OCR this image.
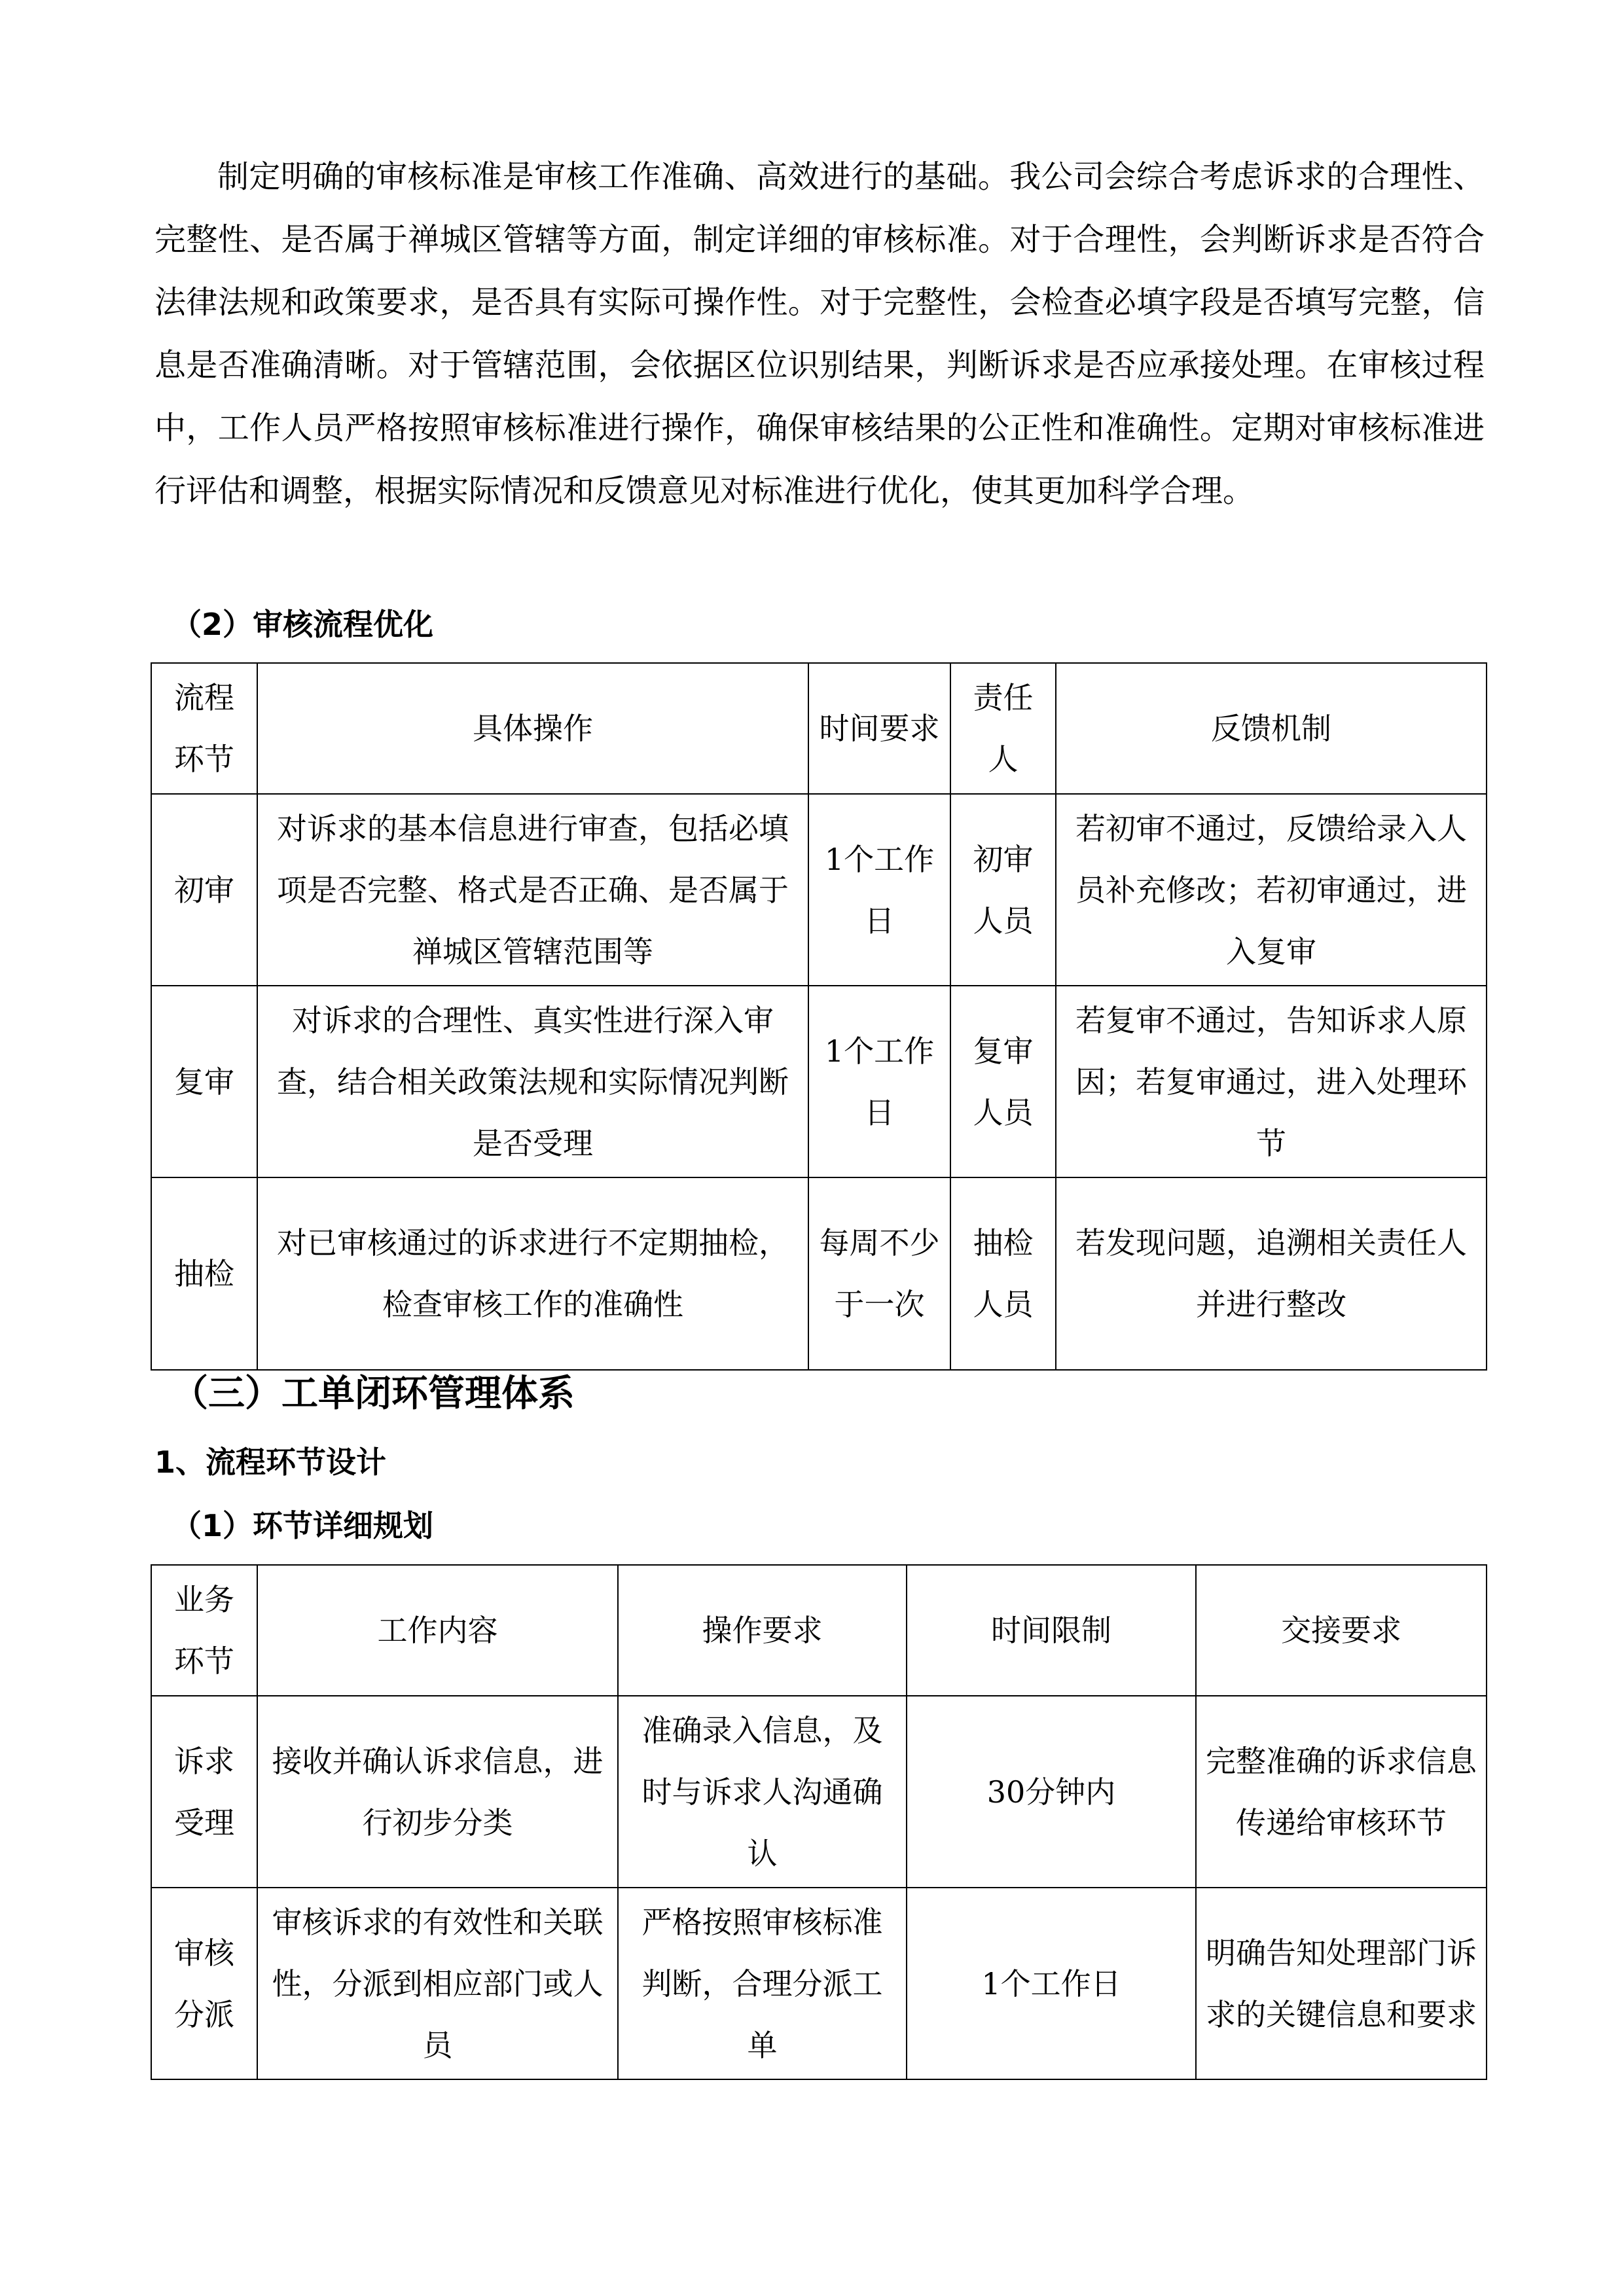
制定明确的审核标准是审核工作准确、高效进行的基础。我公司会综合考虑诉求的合理性、完整性、是否属于禅城区管辖等方面，制定详细的审核标准。对于合理性，会判断诉求是否符合法律法规和政策要求，是否具有实际可操作性。对于完整性，会检查必填字段是否填写完整，信息是否准确清晰。对于管辖范围，会依据区位识别结果，判断诉求是否应承接处理。在审核过程中，工作人员严格按照审核标准进行操作，确保审核结果的公正性和准确性。定期对审核标准进行评估和调整，根据实际情况和反馈意见对标准进行优化，使其更加科学合理。

（2）审核流程优化
流程环节	具体操作	时间要求	责任人	反馈机制
初审	对诉求的基本信息进行审查，包括必填项是否完整、格式是否正确、是否属于禅城区管辖范围等	1个工作日	初审人员	若初审不通过，反馈给录入人员补充修改；若初审通过，进入复审
复审	对诉求的合理性、真实性进行深入审查，结合相关政策法规和实际情况判断是否受理	1个工作日	复审人员	若复审不通过，告知诉求人原因；若复审通过，进入处理环节
抽检	对已审核通过的诉求进行不定期抽检，检查审核工作的准确性	每周不少于一次	抽检人员	若发现问题，追溯相关责任人并进行整改
（三）工单闭环管理体系
1、流程环节设计
（1）环节详细规划
业务环节	工作内容	操作要求	时间限制	交接要求
诉求受理	接收并确认诉求信息，进行初步分类	准确录入信息，及时与诉求人沟通确认	30分钟内	完整准确的诉求信息传递给审核环节
审核分派	审核诉求的有效性和关联性，分派到相应部门或人员	严格按照审核标准判断，合理分派工单	1个工作日	明确告知处理部门诉求的关键信息和要求
